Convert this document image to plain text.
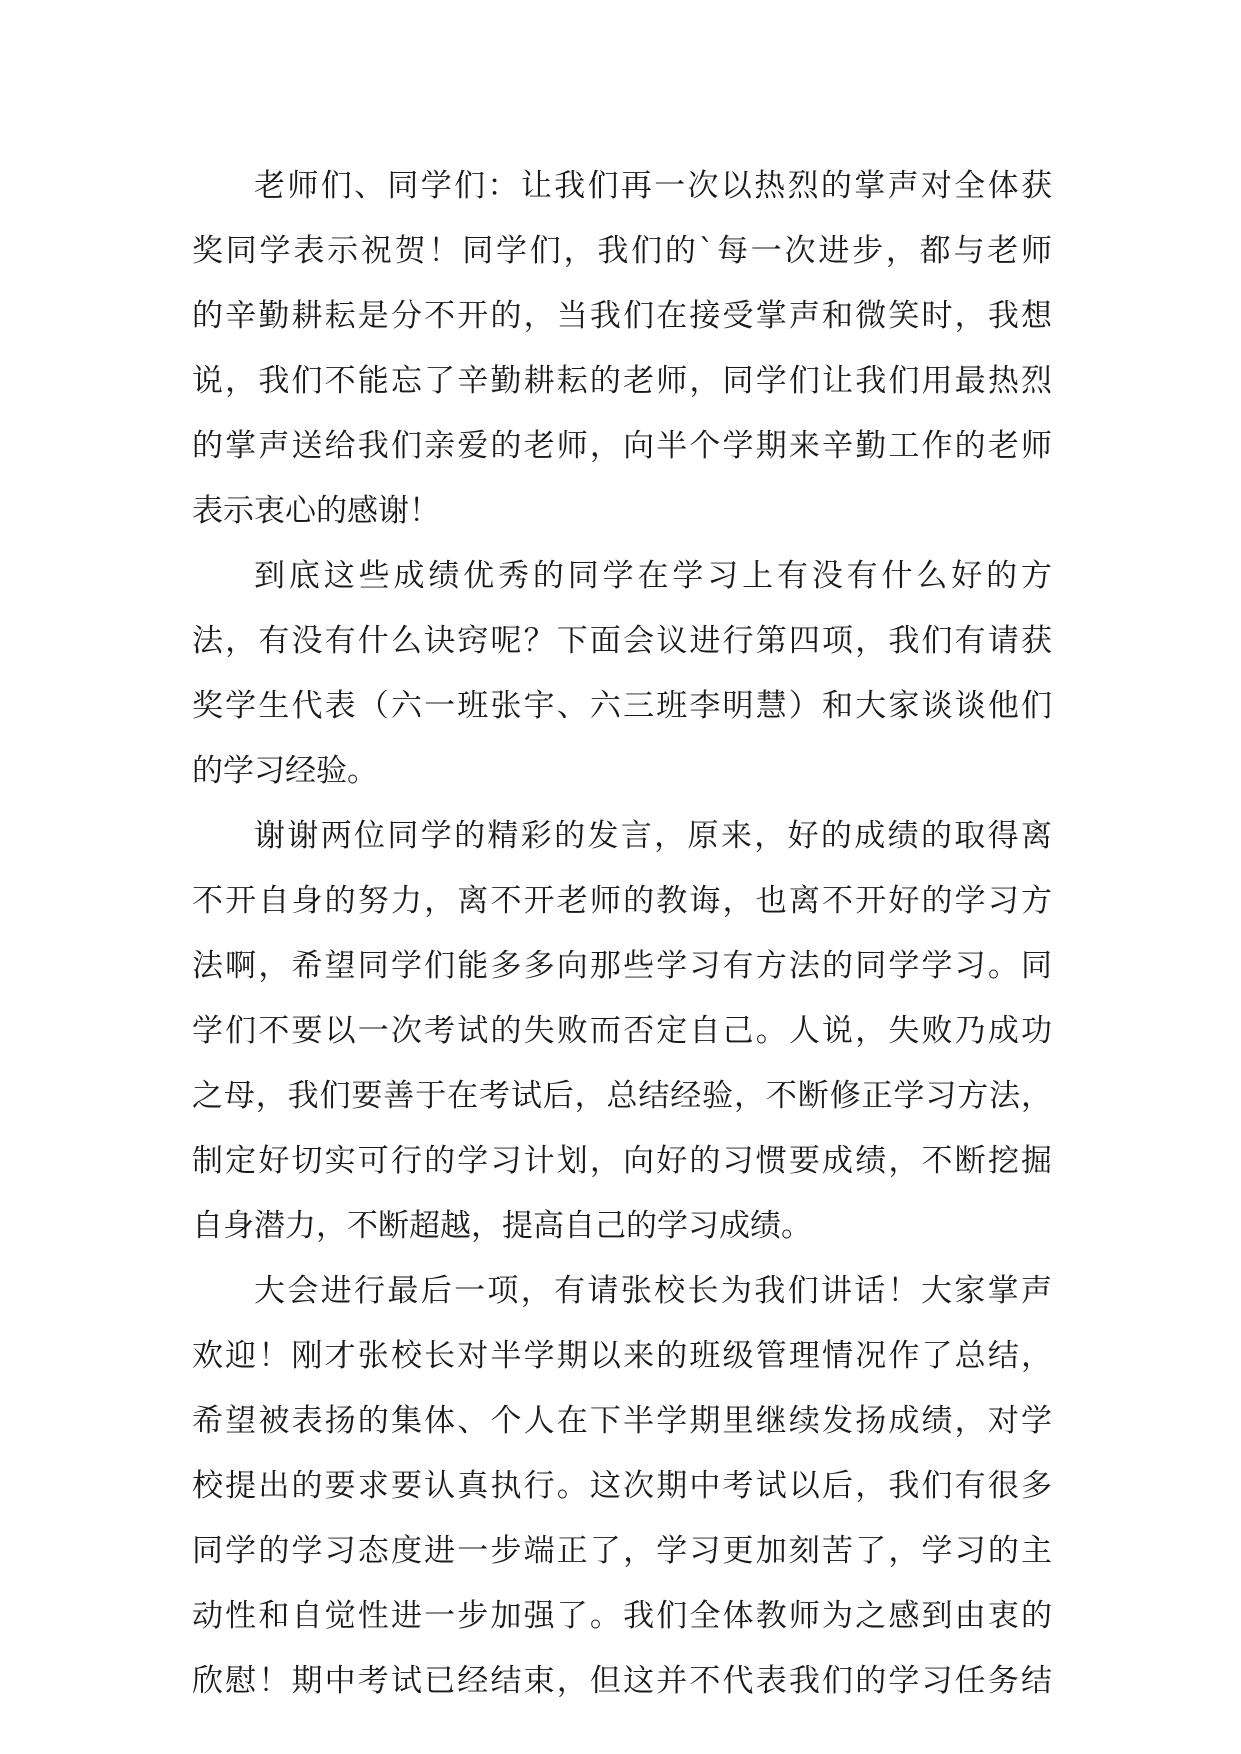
老师们、同学们：让我们再一次以热烈的掌声对全体获
奖同学表示祝贺！同学们，我们的`每一次进步，都与老师
的辛勤耕耘是分不开的，当我们在接受掌声和微笑时，我想
说，我们不能忘了辛勤耕耘的老师，同学们让我们用最热烈
的掌声送给我们亲爱的老师，向半个学期来辛勤工作的老师
表示衷心的感谢！
到底这些成绩优秀的同学在学习上有没有什么好的方
法，有没有什么诀窍呢？下面会议进行第四项，我们有请获
奖学生代表（六一班张宇、六三班李明慧）和大家谈谈他们
的学习经验。
谢谢两位同学的精彩的发言，原来，好的成绩的取得离
不开自身的努力，离不开老师的教诲，也离不开好的学习方
法啊，希望同学们能多多向那些学习有方法的同学学习。同
学们不要以一次考试的失败而否定自己。人说，失败乃成功
之母，我们要善于在考试后，总结经验，不断修正学习方法，
制定好切实可行的学习计划，向好的习惯要成绩，不断挖掘
自身潜力，不断超越，提高自己的学习成绩。
大会进行最后一项，有请张校长为我们讲话！大家掌声
欢迎！刚才张校长对半学期以来的班级管理情况作了总结，
希望被表扬的集体、个人在下半学期里继续发扬成绩，对学
校提出的要求要认真执行。这次期中考试以后，我们有很多
同学的学习态度进一步端正了，学习更加刻苦了，学习的主
动性和自觉性进一步加强了。我们全体教师为之感到由衷的
欣慰！期中考试已经结束，但这并不代表我们的学习任务结
